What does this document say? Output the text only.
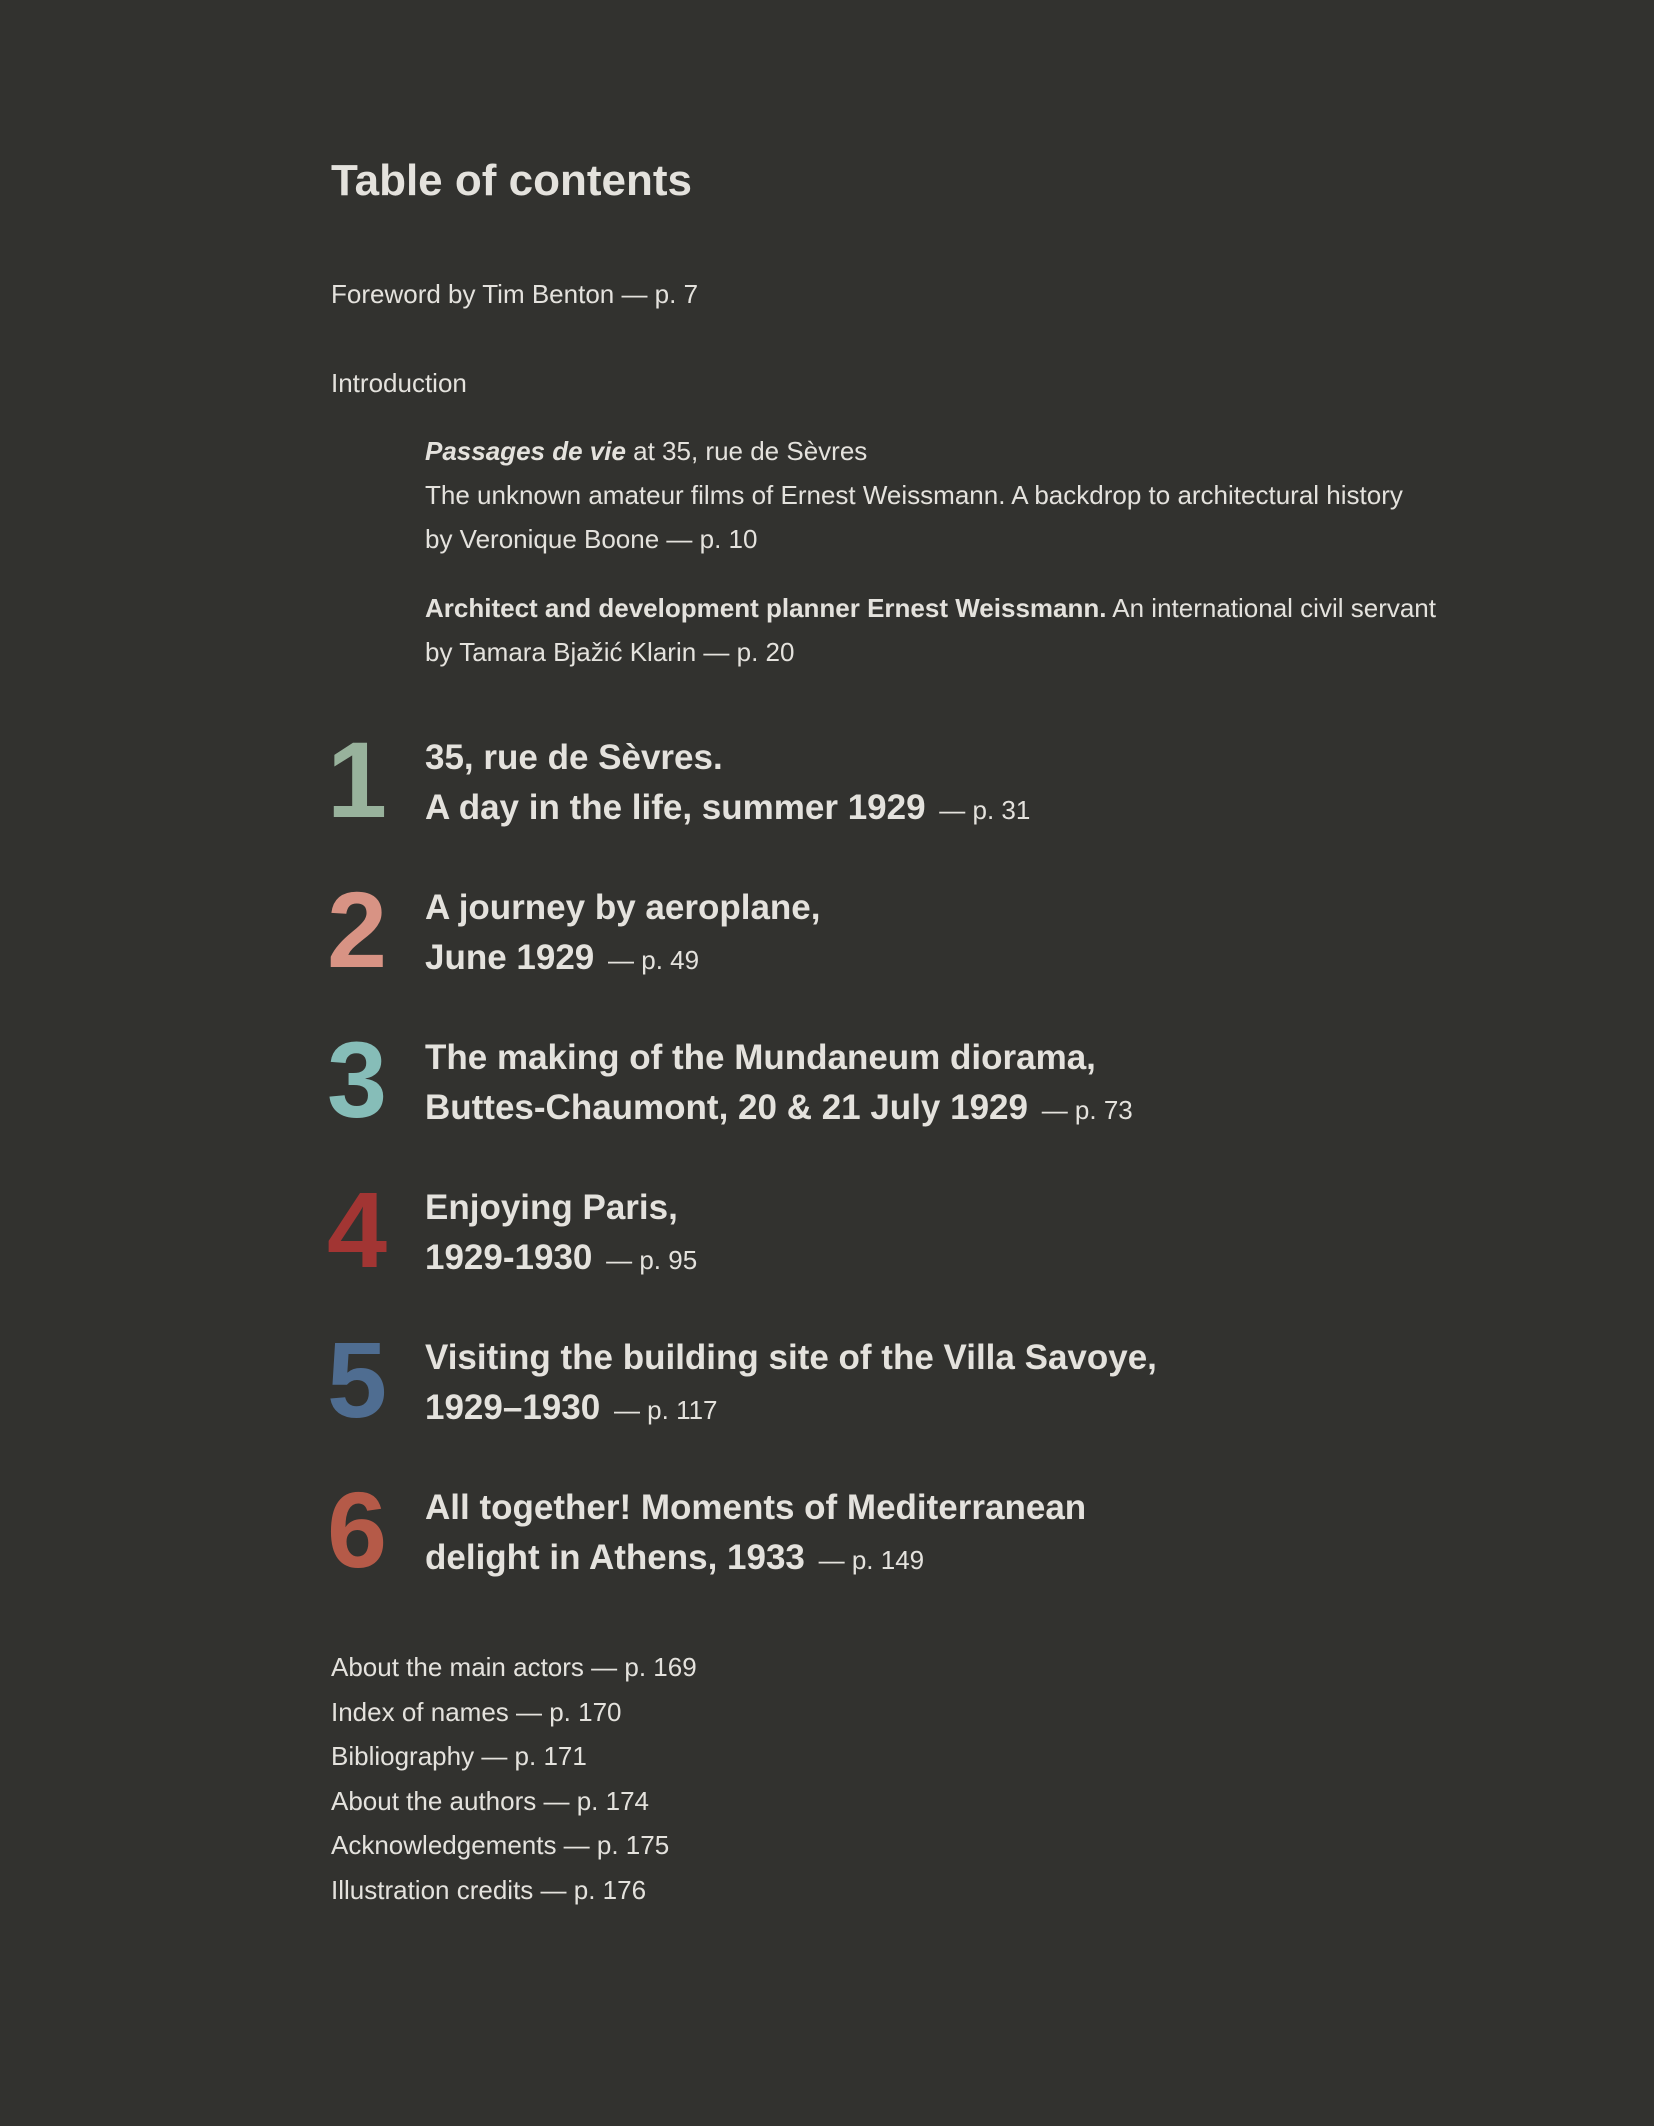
Table of contents
Foreword by Tim Benton — p. 7
Introduction
Passages de vie at 35, rue de Sèvres
The unknown amateur films of Ernest Weissmann. A backdrop to architectural history
by Veronique Boone — p. 10
Architect and development planner Ernest Weissmann. An international civil servant
by Tamara Bjažić Klarin — p. 20
1	35, rue de Sèvres.
A day in the life, summer 1929 — p. 31
2	A journey by aeroplane,
June 1929 — p. 49
3	The making of the Mundaneum diorama,
Buttes-Chaumont, 20 & 21 July 1929 — p. 73
4	Enjoying Paris,
1929-1930 — p. 95
5	Visiting the building site of the Villa Savoye,
1929–1930 — p. 117
6	All together! Moments of Mediterranean
delight in Athens, 1933 — p. 149
About the main actors — p. 169
Index of names — p. 170
Bibliography — p. 171
About the authors — p. 174
Acknowledgements — p. 175
Illustration credits — p. 176
